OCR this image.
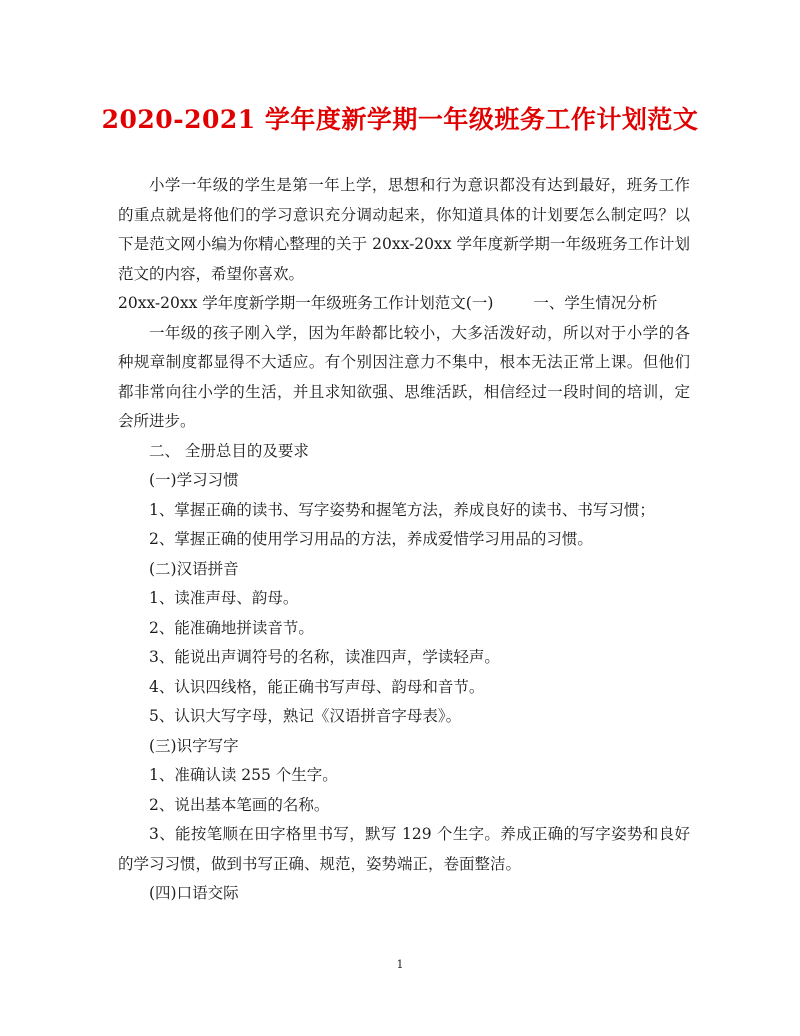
2020-2021 学年度新学期一年级班务工作计划范文

小学一年级的学生是第一年上学，思想和行为意识都没有达到最好，班务工作的重点就是将他们的学习意识充分调动起来，你知道具体的计划要怎么制定吗？以下是范文网小编为你精心整理的关于 20xx-20xx 学年度新学期一年级班务工作计划范文的内容，希望你喜欢。

20xx-20xx 学年度新学期一年级班务工作计划范文(一)	一、学生情况分析

一年级的孩子刚入学，因为年龄都比较小，大多活泼好动，所以对于小学的各种规章制度都显得不大适应。有个别因注意力不集中，根本无法正常上课。但他们都非常向往小学的生活，并且求知欲强、思维活跃，相信经过一段时间的培训，定会所进步。

二、 全册总目的及要求

(一)学习习惯

1、掌握正确的读书、写字姿势和握笔方法，养成良好的读书、书写习惯；

2、掌握正确的使用学习用品的方法，养成爱惜学习用品的习惯。

(二)汉语拼音

1、读准声母、韵母。

2、能准确地拼读音节。

3、能说出声调符号的名称，读准四声，学读轻声。

4、认识四线格，能正确书写声母、韵母和音节。

5、认识大写字母，熟记《汉语拼音字母表》。

(三)识字写字

1、准确认读 255 个生字。

2、说出基本笔画的名称。

3、能按笔顺在田字格里书写，默写 129 个生字。养成正确的写字姿势和良好的学习习惯，做到书写正确、规范，姿势端正，卷面整洁。

(四)口语交际

1
